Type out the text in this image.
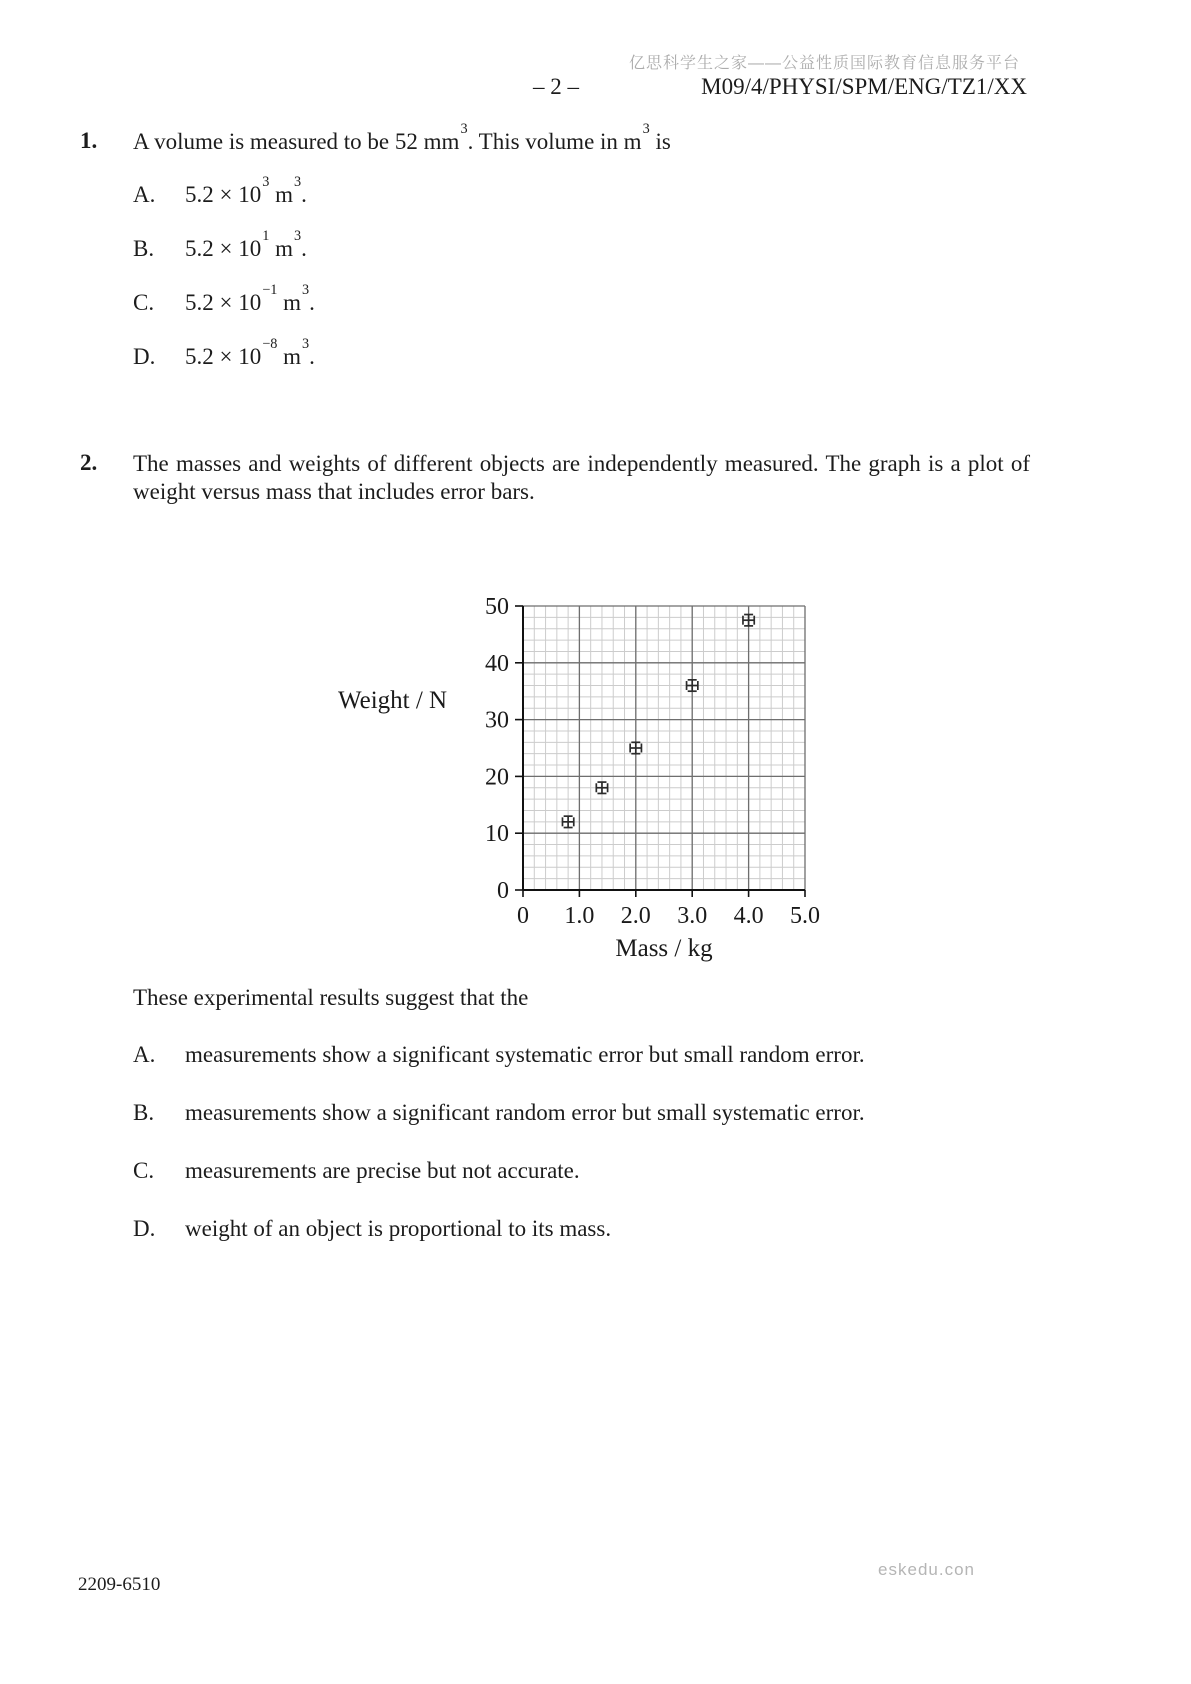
亿思科学生之家——公益性质国际教育信息服务平台
– 2 –	M09/4/PHYSI/SPM/ENG/TZ1/XX
1. A volume is measured to be 52 $mm^3$. This volume in $m^3$ is
A. $5.2 \times 10^3$ $m^3$.
B. $5.2 \times 10^1$ $m^3$.
C. $5.2 \times 10^{-1}$ $m^3$.
D. $5.2 \times 10^{-8}$ $m^3$.
2. The masses and weights of different objects are independently measured. The graph is a plot of
weight versus mass that includes error bars.
0 1.0 2.0 3.0 4.0 5.0
0
10
20
30
40
50
Weight / N
Mass / kg
These experimental results suggest that the
A. measurements show a significant systematic error but small random error.
B. measurements show a significant random error but small systematic error.
C. measurements are precise but not accurate.
D. weight of an object is proportional to its mass.
2209-6510
eskedu.con
